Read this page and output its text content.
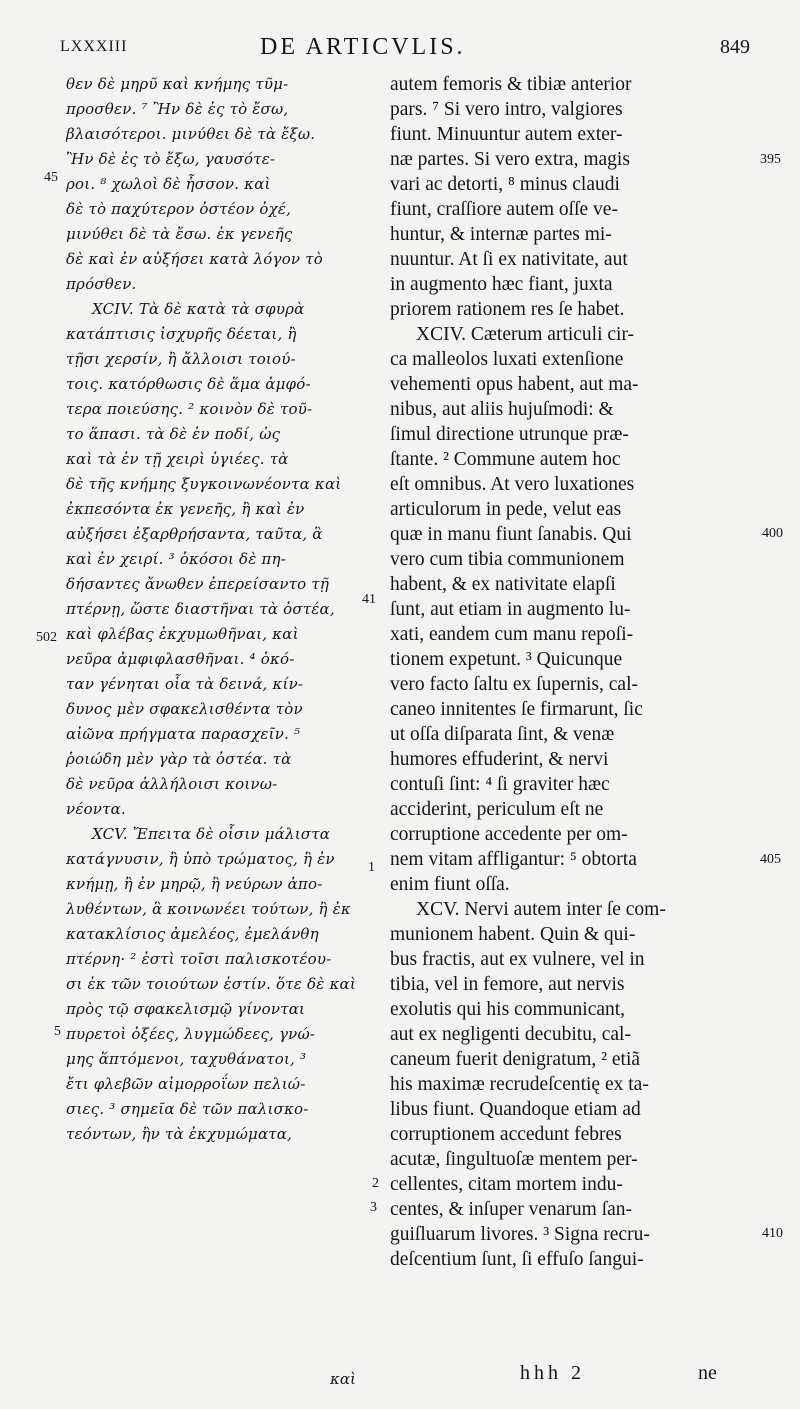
LXXXIII	DE ARTICVLIS.	849
θεν δὲ μηρῦ καὶ κνήμης τῦμ-
προσθεν. ⁷ Ἢν δὲ ἐς τὸ ἔσω,
βλαισότεροι. μινύθει δὲ τὰ ἔξω.
Ἢν δὲ ἐς τὸ ἔξω, γαυσότε-
ροι. ⁸ χωλοὶ δὲ ἧσσον. καὶ
δὲ τὸ παχύτερον ὀστέον ὀχέ,
μινύθει δὲ τὰ ἔσω. ἐκ γενεῆς
δὲ καὶ ἐν αὐξήσει κατὰ λόγον τὸ
πρόσθεν.
XCIV. Τὰ δὲ κατὰ τὰ σφυρὰ
κατάπτισις ἰσχυρῆς δέεται, ἢ
τῇσι χερσίν, ἢ ἄλλοισι τοιού-
τοις. κατόρθωσις δὲ ἅμα ἀμφό-
τερα ποιεύσης. ² κοινὸν δὲ τοῦ-
το ἅπασι. τὰ δὲ ἐν ποδί, ὡς
καὶ τὰ ἐν τῇ χειρὶ ὑγιέες. τὰ
δὲ τῆς κνήμης ξυγκοινωνέοντα καὶ
ἐκπεσόντα ἐκ γενεῆς, ἢ καὶ ἐν
αὐξήσει ἐξαρθρήσαντα, ταῦτα, ἃ
καὶ ἐν χειρί. ³ ὁκόσοι δὲ πη-
δήσαντες ἄνωθεν ἐπερείσαντο τῇ
πτέρνῃ, ὥστε διαστῆναι τὰ ὀστέα,
καὶ φλέβας ἐκχυμωθῆναι, καὶ
νεῦρα ἀμφιφλασθῆναι. ⁴ ὁκό-
ταν γένηται οἷα τὰ δεινά, κίν-
δυνος μὲν σφακελισθέντα τὸν
αἰῶνα πρήγματα παρασχεῖν. ⁵
ῥοιώδη μὲν γὰρ τὰ ὀστέα. τὰ
δὲ νεῦρα ἀλλήλοισι κοινω-
νέοντα.
XCV. Ἔπειτα δὲ οἷσιν μάλιστα
κατάγνυσιν, ἢ ὑπὸ τρώματος, ἢ ἐν
κνήμῃ, ἢ ἐν μηρῷ, ἢ νεύρων ἀπο-
λυθέντων, ἃ κοινωνέει τούτων, ἢ ἐκ
κατακλίσιος ἀμελέος, ἐμελάνθη
πτέρνη· ² ἐστὶ τοῖσι παλισκοτέου-
σι ἐκ τῶν τοιούτων ἐστίν. ὅτε δὲ καὶ
πρὸς τῷ σφακελισμῷ γίνονται
πυρετοὶ ὀξέες, λυγμώδεες, γνώ-
μης ἅπτόμενοι, ταχυθάνατοι, ³
ἔτι φλεβῶν αἱμορροΐων πελιώ-
σιες. ³ σημεῖα δὲ τῶν παλισκο-
τεόντων, ἢν τὰ ἐκχυμώματα,
autem femoris & tibiæ anterior
pars. ⁷ Si vero intro, valgiores
fiunt. Minuuntur autem exter-
næ partes. Si vero extra, magis
vari ac detorti, ⁸ minus claudi
fiunt, craſſiore autem oſſe ve-
huntur, & internæ partes mi-
nuuntur. At ſi ex nativitate, aut
in augmento hæc fiant, juxta
priorem rationem res ſe habet.
XCIV. Cæterum articuli cir-
ca malleolos luxati extenſione
vehementi opus habent, aut ma-
nibus, aut aliis hujuſmodi: &
ſimul directione utrunque præ-
ſtante. ² Commune autem hoc
eſt omnibus. At vero luxationes
articulorum in pede, velut eas
quæ in manu fiunt ſanabis. Qui
vero cum tibia communionem
habent, & ex nativitate elapſi
ſunt, aut etiam in augmento lu-
xati, eandem cum manu repoſi-
tionem expetunt. ³ Quicunque
vero facto ſaltu ex ſupernis, cal-
caneo innitentes ſe firmarunt, ſic
ut oſſa diſparata ſint, & venæ
humores effuderint, & nervi
contuſi ſint: ⁴ ſi graviter hæc
acciderint, periculum eſt ne
corruptione accedente per om-
nem vitam affligantur: ⁵ obtorta
enim fiunt oſſa.
XCV. Nervi autem inter ſe com-
munionem habent. Quin & qui-
bus fractis, aut ex vulnere, vel in
tibia, vel in femore, aut nervis
exolutis qui his communicant,
aut ex negligenti decubitu, cal-
caneum fuerit denigratum, ² etiã
his maximæ recrudeſcentię ex ta-
libus fiunt. Quandoque etiam ad
corruptionem accedunt febres
acutæ, ſingultuoſæ mentem per-
cellentes, citam mortem indu-
centes, & inſuper venarum ſan-
guiſluarum livores. ³ Signa recru-
deſcentium ſunt, ſi effuſo ſangui-
45
41
502
1
5
2
3
395
400
405
410
καὶ	hhh 2	ne
